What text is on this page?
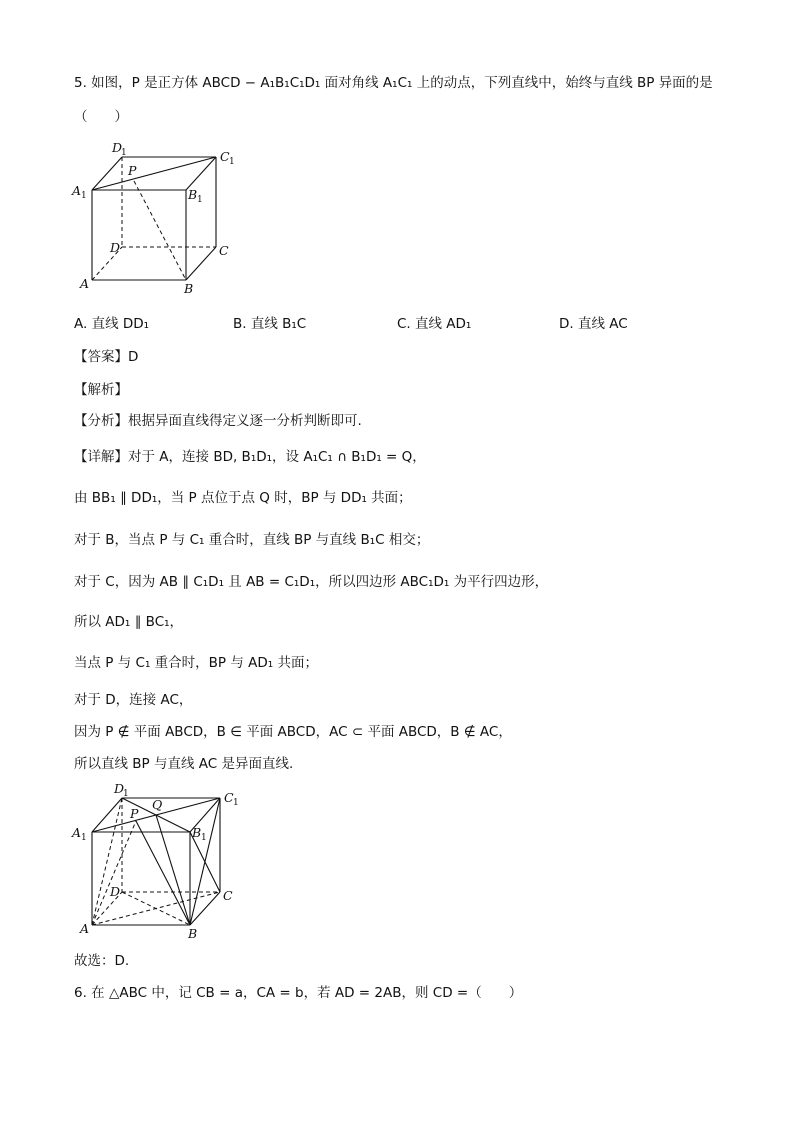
5. 如图，P 是正方体 ABCD − A₁B₁C₁D₁ 面对角线 A₁C₁ 上的动点，下列直线中，始终与直线 BP 异面的是
（　　）
D
1	C 1
P
A 1	B 1
D	C
A	B
A. 直线 DD₁	B. 直线 B₁C	C. 直线 AD₁	D. 直线 AC
【答案】D
【解析】
【分析】根据异面直线得定义逐一分析判断即可.
【详解】对于 A，连接 BD, B₁D₁，设 A₁C₁ ∩ B₁D₁ = Q，
由 BB₁ ∥ DD₁，当 P 点位于点 Q 时，BP 与 DD₁ 共面；
对于 B，当点 P 与 C₁ 重合时，直线 BP 与直线 B₁C 相交；
对于 C，因为 AB ∥ C₁D₁ 且 AB = C₁D₁，所以四边形 ABC₁D₁ 为平行四边形，
所以 AD₁ ∥ BC₁，
当点 P 与 C₁ 重合时，BP 与 AD₁ 共面；
对于 D，连接 AC，
因为 P ∉ 平面 ABCD，B ∈ 平面 ABCD，AC ⊂ 平面 ABCD，B ∉ AC，
所以直线 BP 与直线 AC 是异面直线.
D
1
Q	C 1
P
A 1	B 1
D	C
A	B
故选：D.
6. 在 △ABC 中，记 CB = a，CA = b，若 AD = 2AB，则 CD =（　　）
